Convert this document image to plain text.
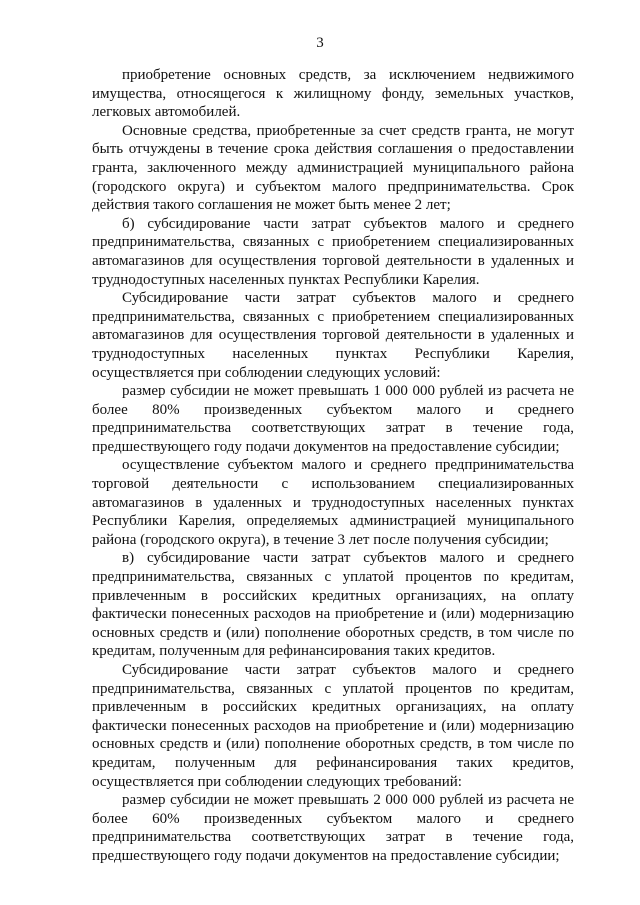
3

приобретение основных средств, за исключением недвижимого имущества, относящегося к жилищному фонду, земельных участков, легковых автомобилей.

Основные средства, приобретенные за счет средств гранта, не могут быть отчуждены в течение срока действия соглашения о предоставлении гранта, заключенного между администрацией муниципального района (городского округа) и субъектом малого предпринимательства. Срок действия такого соглашения не может быть менее 2 лет;

б) субсидирование части затрат субъектов малого и среднего предпринимательства, связанных с приобретением специализированных автомагазинов для осуществления торговой деятельности в удаленных и труднодоступных населенных пунктах Республики Карелия.

Субсидирование части затрат субъектов малого и среднего предпринимательства, связанных с приобретением специализированных автомагазинов для осуществления торговой деятельности в удаленных и труднодоступных населенных пунктах Республики Карелия, осуществляется при соблюдении следующих условий:

размер субсидии не может превышать 1 000 000 рублей из расчета не более 80% произведенных субъектом малого и среднего предпринимательства соответствующих затрат в течение года, предшествующего году подачи документов на предоставление субсидии;

осуществление субъектом малого и среднего предпринимательства торговой деятельности с использованием специализированных автомагазинов в удаленных и труднодоступных населенных пунктах Республики Карелия, определяемых администрацией муниципального района (городского округа), в течение 3 лет после получения субсидии;

в) субсидирование части затрат субъектов малого и среднего предпринимательства, связанных с уплатой процентов по кредитам, привлеченным в российских кредитных организациях, на оплату фактически понесенных расходов на приобретение и (или) модернизацию основных средств и (или) пополнение оборотных средств, в том числе по кредитам, полученным для рефинансирования таких кредитов.

Субсидирование части затрат субъектов малого и среднего предпринимательства, связанных с уплатой процентов по кредитам, привлеченным в российских кредитных организациях, на оплату фактически понесенных расходов на приобретение и (или) модернизацию основных средств и (или) пополнение оборотных средств, в том числе по кредитам, полученным для рефинансирования таких кредитов, осуществляется при соблюдении следующих требований:

размер субсидии не может превышать 2 000 000 рублей из расчета не более 60% произведенных субъектом малого и среднего предпринимательства соответствующих затрат в течение года, предшествующего году подачи документов на предоставление субсидии;
